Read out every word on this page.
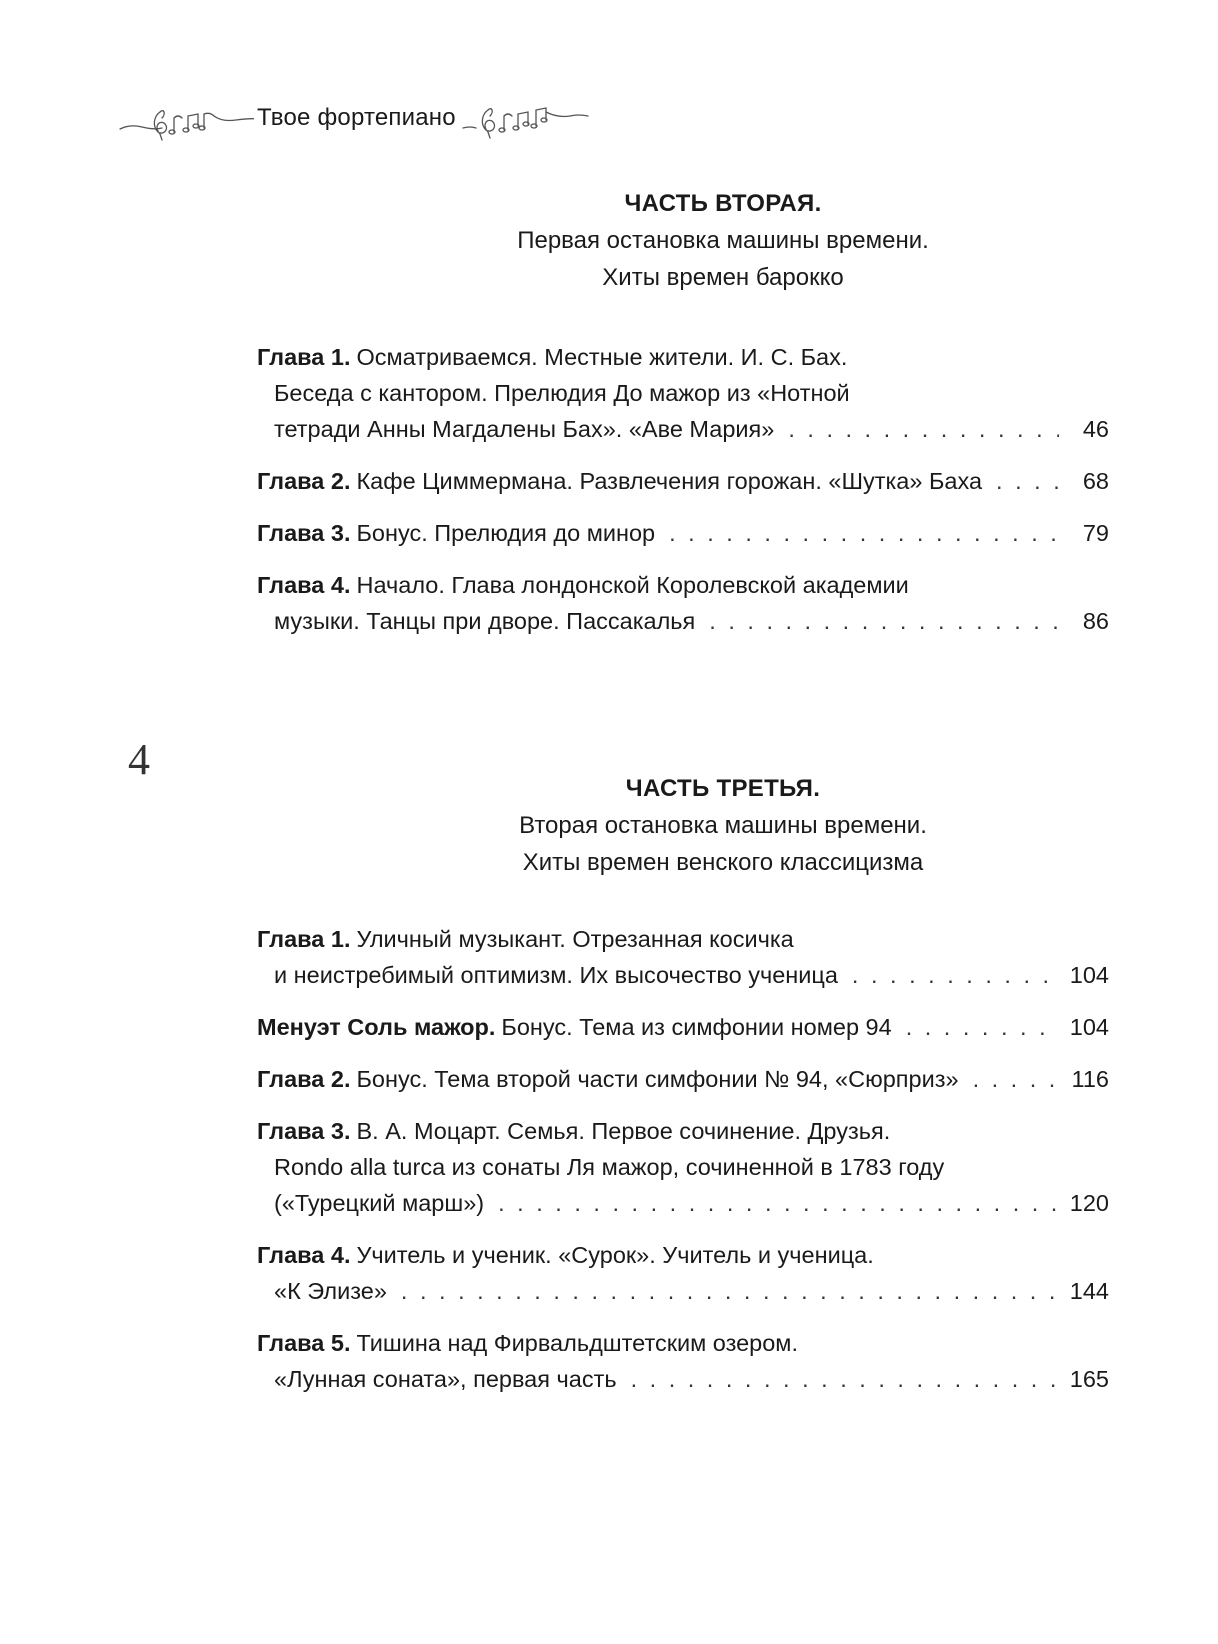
Твое фортепиано
4
ЧАСТЬ ВТОРАЯ.
Первая остановка машины времени.
Хиты времен барокко
Глава 1. Осматриваемся. Местные жители. И. С. Бах.
Беседа с кантором. Прелюдия До мажор из «Нотной
тетради Анны Магдалены Бах». «Аве Мария» . . .	46
Глава 2. Кафе Циммермана. Развлечения горожан. «Шутка» Баха . . .	68
Глава 3. Бонус. Прелюдия до минор . . .	79
Глава 4. Начало. Глава лондонской Королевской академии
музыки. Танцы при дворе. Пассакалья . . .	86
ЧАСТЬ ТРЕТЬЯ.
Вторая остановка машины времени.
Хиты времен венского классицизма
Глава 1. Уличный музыкант. Отрезанная косичка
и неистребимый оптимизм. Их высочество ученица . . .	104
Менуэт Соль мажор. Бонус. Тема из симфонии номер 94 . . .	104
Глава 2. Бонус. Тема второй части симфонии № 94, «Сюрприз» . . .	116
Глава 3. В. А. Моцарт. Семья. Первое сочинение. Друзья.
Rondo alla turca из сонаты Ля мажор, сочиненной в 1783 году
(«Турецкий марш») . . .	120
Глава 4. Учитель и ученик. «Сурок». Учитель и ученица.
«К Элизе» . . .	144
Глава 5. Тишина над Фирвальдштетским озером.
«Лунная соната», первая часть . . .	165
